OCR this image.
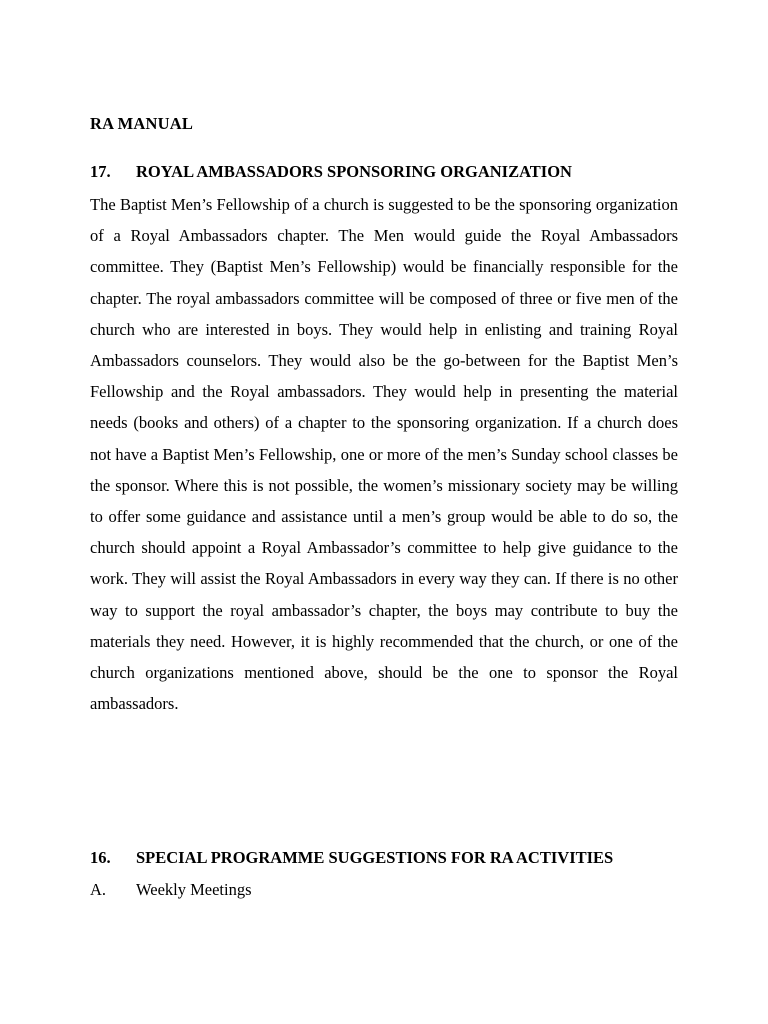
RA MANUAL
17. ROYAL AMBASSADORS SPONSORING ORGANIZATION
The Baptist Men’s Fellowship of a church is suggested to be the sponsoring organization of a Royal Ambassadors chapter. The Men would guide the Royal Ambassadors committee. They (Baptist Men’s Fellowship) would be financially responsible for the chapter. The royal ambassadors committee will be composed of three or five men of the church who are interested in boys. They would help in enlisting and training Royal Ambassadors counselors. They would also be the go-between for the Baptist Men’s Fellowship and the Royal ambassadors. They would help in presenting the material needs (books and others) of a chapter to the sponsoring organization. If a church does not have a Baptist Men’s Fellowship, one or more of the men’s Sunday school classes be the sponsor. Where this is not possible, the women’s missionary society may be willing to offer some guidance and assistance until a men’s group would be able to do so, the church should appoint a Royal Ambassador’s committee to help give guidance to the work. They will assist the Royal Ambassadors in every way they can. If there is no other way to support the royal ambassador’s chapter, the boys may contribute to buy the materials they need. However, it is highly recommended that the church, or one of the church organizations mentioned above, should be the one to sponsor the Royal ambassadors.
16. SPECIAL PROGRAMME SUGGESTIONS FOR RA ACTIVITIES
A. Weekly Meetings
